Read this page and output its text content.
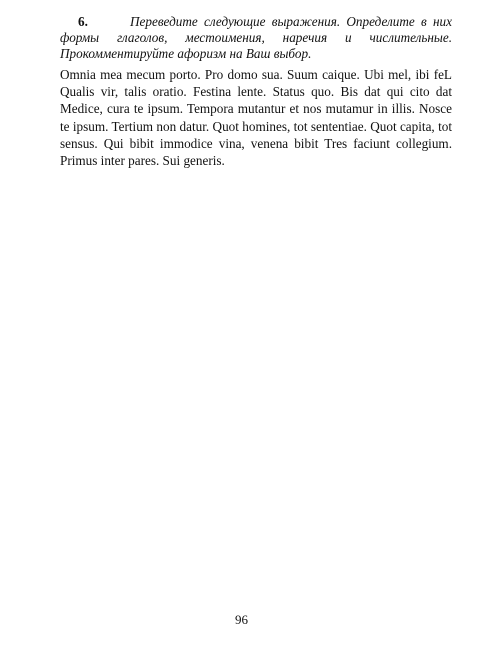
6.	Переведите следующие выражения. Определите в них формы глаголов, местоимения, наречия и числительные. Прокомментируйте афоризм на Ваш выбор.
Omnia mea mecum porto. Pro domo sua. Suum caique. Ubi mel, ibi feL Qualis vir, talis oratio. Festina lente. Status quo. Bis dat qui cito dat Medice, cura te ipsum. Tempora mutantur et nos mutamur in illis. Nosce te ipsum. Tertium non datur. Quot homines, tot sententiae. Quot capita, tot sensus. Qui bibit immodice vina, venena bibit Tres faciunt collegium. Primus inter pares. Sui generis.
96
